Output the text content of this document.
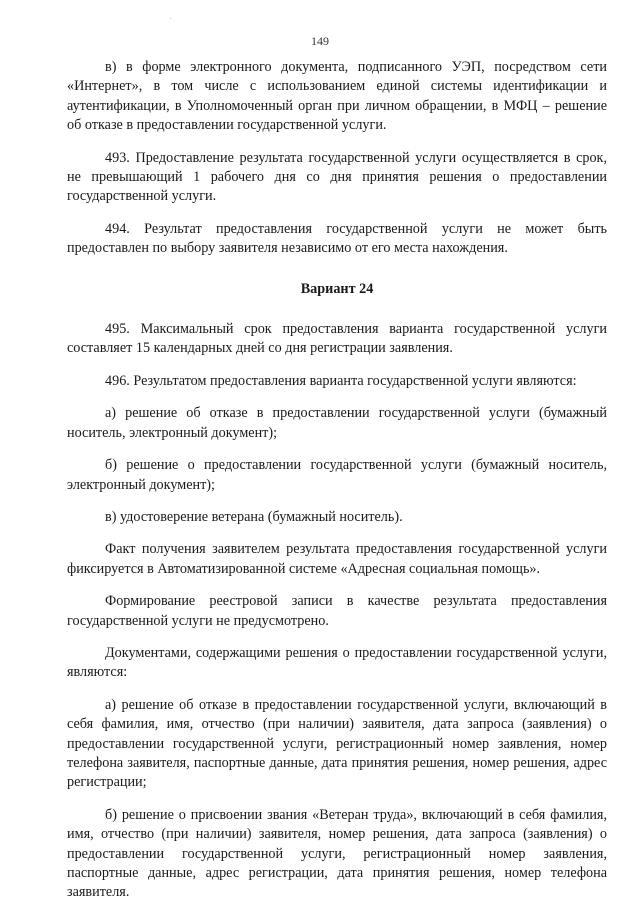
149

в) в форме электронного документа, подписанного УЭП, посредством сети «Интернет», в том числе с использованием единой системы идентификации и аутентификации, в Уполномоченный орган при личном обращении, в МФЦ – решение об отказе в предоставлении государственной услуги.

493. Предоставление результата государственной услуги осуществляется в срок, не превышающий 1 рабочего дня со дня принятия решения о предоставлении государственной услуги.

494. Результат предоставления государственной услуги не может быть предоставлен по выбору заявителя независимо от его места нахождения.

Вариант 24

495. Максимальный срок предоставления варианта государственной услуги составляет 15 календарных дней со дня регистрации заявления.

496. Результатом предоставления варианта государственной услуги являются:

а) решение об отказе в предоставлении государственной услуги (бумажный носитель, электронный документ);

б) решение о предоставлении государственной услуги (бумажный носитель, электронный документ);

в) удостоверение ветерана (бумажный носитель).

Факт получения заявителем результата предоставления государственной услуги фиксируется в Автоматизированной системе «Адресная социальная помощь».

Формирование реестровой записи в качестве результата предоставления государственной услуги не предусмотрено.

Документами, содержащими решения о предоставлении государственной услуги, являются:

а) решение об отказе в предоставлении государственной услуги, включающий в себя фамилия, имя, отчество (при наличии) заявителя, дата запроса (заявления) о предоставлении государственной услуги, регистрационный номер заявления, номер телефона заявителя, паспортные данные, дата принятия решения, номер решения, адрес регистрации;

б) решение о присвоении звания «Ветеран труда», включающий в себя фамилия, имя, отчество (при наличии) заявителя, номер решения, дата запроса (заявления) о предоставлении государственной услуги, регистрационный номер заявления, паспортные данные, адрес регистрации, дата принятия решения, номер телефона заявителя.
